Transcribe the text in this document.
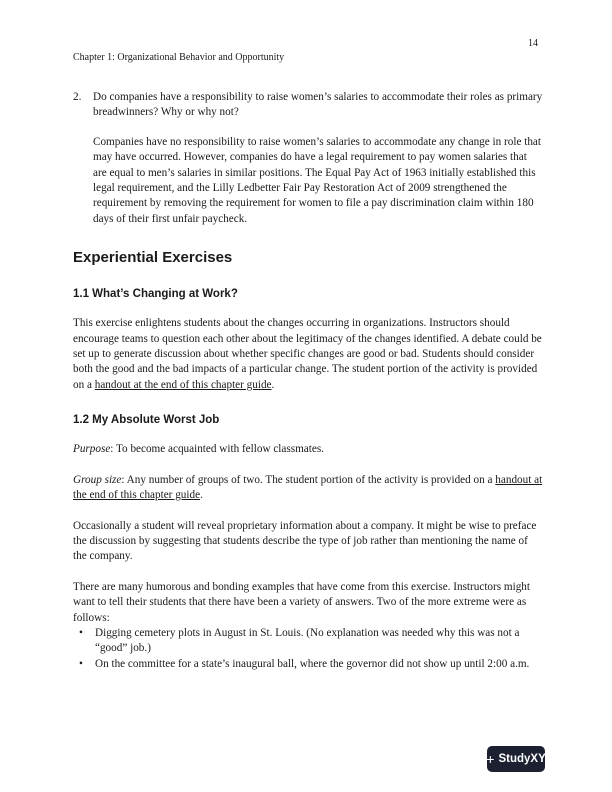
14
Chapter 1: Organizational Behavior and Opportunity
2.	Do companies have a responsibility to raise women’s salaries to accommodate their roles as primary breadwinners? Why or why not?

Companies have no responsibility to raise women’s salaries to accommodate any change in role that may have occurred. However, companies do have a legal requirement to pay women salaries that are equal to men’s salaries in similar positions. The Equal Pay Act of 1963 initially established this legal requirement, and the Lilly Ledbetter Fair Pay Restoration Act of 2009 strengthened the requirement by removing the requirement for women to file a pay discrimination claim within 180 days of their first unfair paycheck.

Experiential Exercises
1.1 What’s Changing at Work?

This exercise enlightens students about the changes occurring in organizations. Instructors should encourage teams to question each other about the legitimacy of the changes identified. A debate could be set up to generate discussion about whether specific changes are good or bad. Students should consider both the good and the bad impacts of a particular change. The student portion of the activity is provided on a handout at the end of this chapter guide.

1.2 My Absolute Worst Job

Purpose: To become acquainted with fellow classmates.

Group size: Any number of groups of two. The student portion of the activity is provided on a handout at the end of this chapter guide.

Occasionally a student will reveal proprietary information about a company. It might be wise to preface the discussion by suggesting that students describe the type of job rather than mentioning the name of the company.

There are many humorous and bonding examples that have come from this exercise. Instructors might want to tell their students that there have been a variety of answers. Two of the more extreme were as follows:

• Digging cemetery plots in August in St. Louis. (No explanation was needed why this was not a “good” job.)
• On the committee for a state’s inaugural ball, where the governor did not show up until 2:00 a.m.
+ StudyXY
